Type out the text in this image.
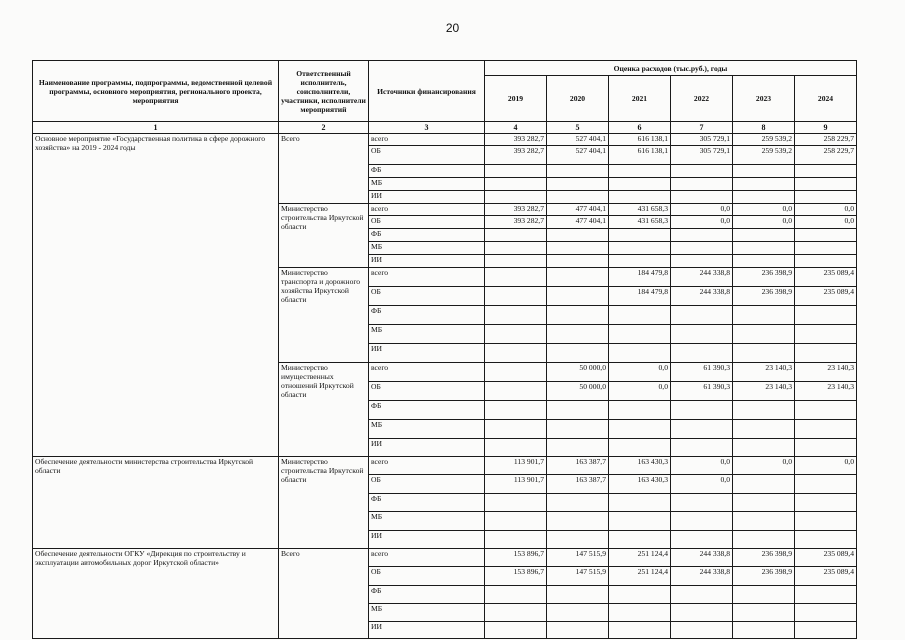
20
Наименование программы, подпрограммы, ведомственной целевой программы, основного мероприятия, регионального проекта, мероприятия	Ответственный исполнитель, соисполнители, участники, исполнители мероприятий	Источники финансирования	Оценка расходов (тыс.руб.), годы					
			2019	2020	2021	2022	2023	2024
1	2	3	4	5	6	7	8	9
Основное мероприятие «Государственная политика в сфере дорожного хозяйства» на 2019 - 2024 годы	Всего	всего	393 282,7	527 404,1	616 138,1	305 729,1	259 539,2	258 229,7
		ОБ	393 282,7	527 404,1	616 138,1	305 729,1	259 539,2	258 229,7
		ФБ						
		МБ						
		ИИ						
	Министерство строительства Иркутской области	всего	393 282,7	477 404,1	431 658,3	0,0	0,0	0,0
		ОБ	393 282,7	477 404,1	431 658,3	0,0	0,0	0,0
		ФБ						
		МБ						
		ИИ						
	Министерство транспорта и дорожного хозяйства Иркутской области	всего			184 479,8	244 338,8	236 398,9	235 089,4
		ОБ			184 479,8	244 338,8	236 398,9	235 089,4
		ФБ						
		МБ						
		ИИ						
	Министерство имущественных отношений Иркутской области	всего		50 000,0	0,0	61 390,3	23 140,3	23 140,3
		ОБ		50 000,0	0,0	61 390,3	23 140,3	23 140,3
		ФБ						
		МБ						
		ИИ						
Обеспечение деятельности министерства строительства Иркутской области	Министерство строительства Иркутской области	всего	113 901,7	163 387,7	163 430,3	0,0	0,0	0,0
		ОБ	113 901,7	163 387,7	163 430,3	0,0		
		ФБ						
		МБ						
		ИИ						
Обеспечение деятельности ОГКУ «Дирекция по строительству и эксплуатации автомобильных дорог Иркутской области»	Всего	всего	153 896,7	147 515,9	251 124,4	244 338,8	236 398,9	235 089,4
		ОБ	153 896,7	147 515,9	251 124,4	244 338,8	236 398,9	235 089,4
		ФБ						
		МБ						
		ИИ						
